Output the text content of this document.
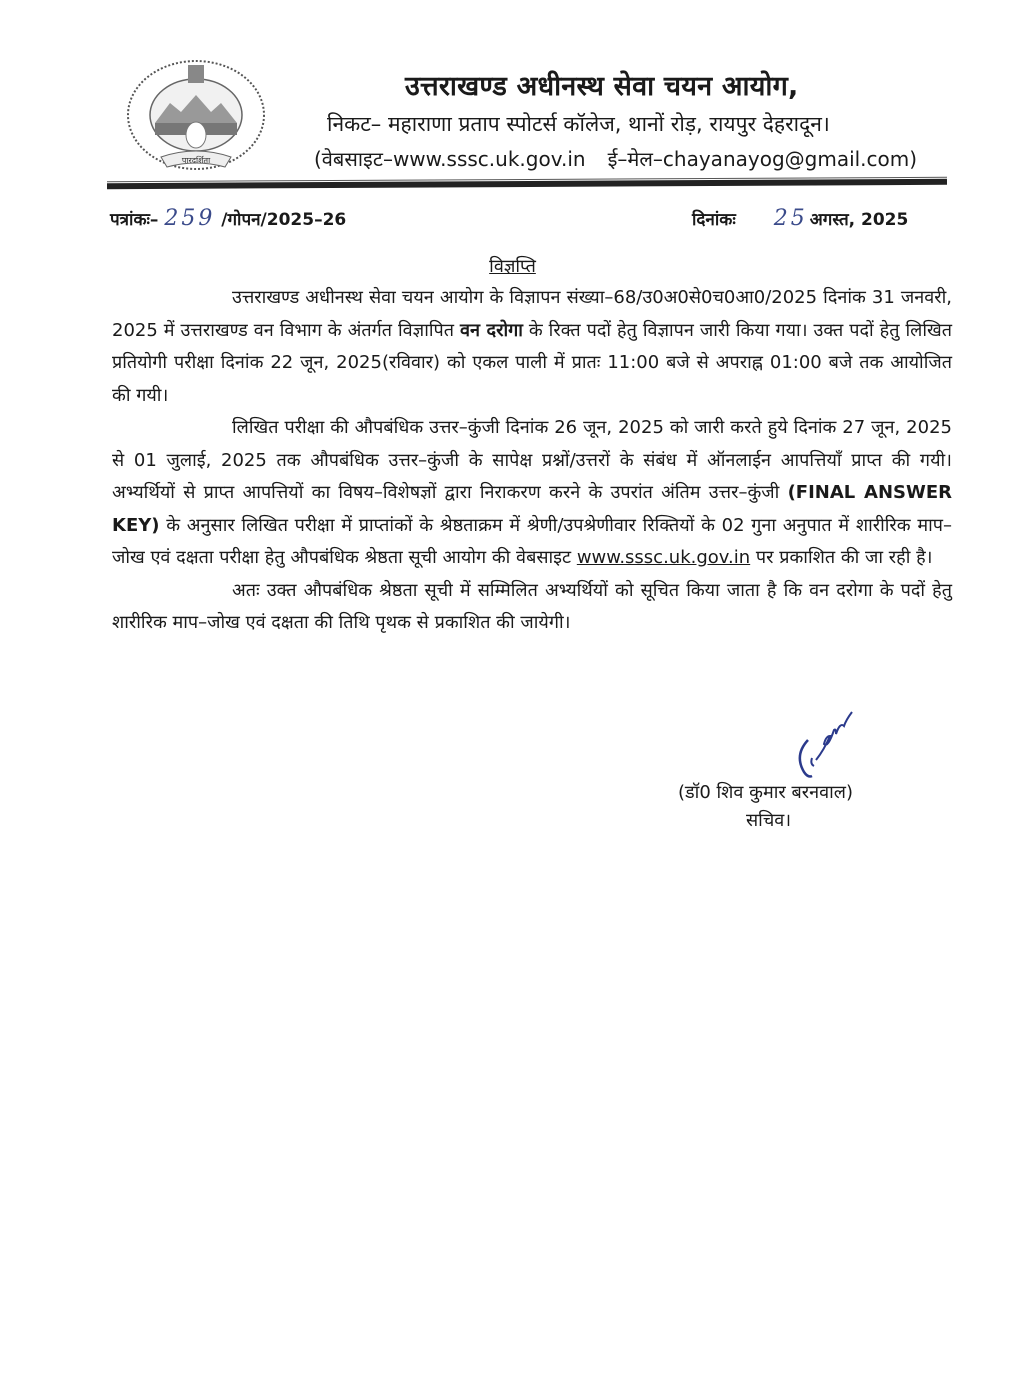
पारदर्शिता
उत्तराखण्ड अधीनस्थ सेवा चयन आयोग,
निकट– महाराणा प्रताप स्पोटर्स कॉलेज, थानों रोड़, रायपुर देहरादून।
(वेबसाइट–www.sssc.uk.gov.in ई–मेल–chayanayog@gmail.com)
पत्रांकः– 259 /गोपन/2025–26	दिनांकः 25 अगस्त, 2025
विज्ञप्ति

उत्तराखण्ड अधीनस्थ सेवा चयन आयोग के विज्ञापन संख्या–68/उ0अ0से0च0आ0/2025 दिनांक 31 जनवरी, 2025 में उत्तराखण्ड वन विभाग के अंतर्गत विज्ञापित वन दरोगा के रिक्त पदों हेतु विज्ञापन जारी किया गया। उक्त पदों हेतु लिखित प्रतियोगी परीक्षा दिनांक 22 जून, 2025(रविवार) को एकल पाली में प्रातः 11:00 बजे से अपराह्न 01:00 बजे तक आयोजित की गयी।

लिखित परीक्षा की औपबंधिक उत्तर–कुंजी दिनांक 26 जून, 2025 को जारी करते हुये दिनांक 27 जून, 2025 से 01 जुलाई, 2025 तक औपबंधिक उत्तर–कुंजी के सापेक्ष प्रश्नों/उत्तरों के संबंध में ऑनलाईन आपत्तियाँ प्राप्त की गयी। अभ्यर्थियों से प्राप्त आपत्तियों का विषय–विशेषज्ञों द्वारा निराकरण करने के उपरांत अंतिम उत्तर–कुंजी (FINAL ANSWER KEY) के अनुसार लिखित परीक्षा में प्राप्तांकों के श्रेष्ठताक्रम में श्रेणी/उपश्रेणीवार रिक्तियों के 02 गुना अनुपात में शारीरिक माप–जोख एवं दक्षता परीक्षा हेतु औपबंधिक श्रेष्ठता सूची आयोग की वेबसाइट www.sssc.uk.gov.in पर प्रकाशित की जा रही है।

अतः उक्त औपबंधिक श्रेष्ठता सूची में सम्मिलित अभ्यर्थियों को सूचित किया जाता है कि वन दरोगा के पदों हेतु शारीरिक माप–जोख एवं दक्षता की तिथि पृथक से प्रकाशित की जायेगी।

(डॉ0 शिव कुमार बरनवाल)
सचिव।
